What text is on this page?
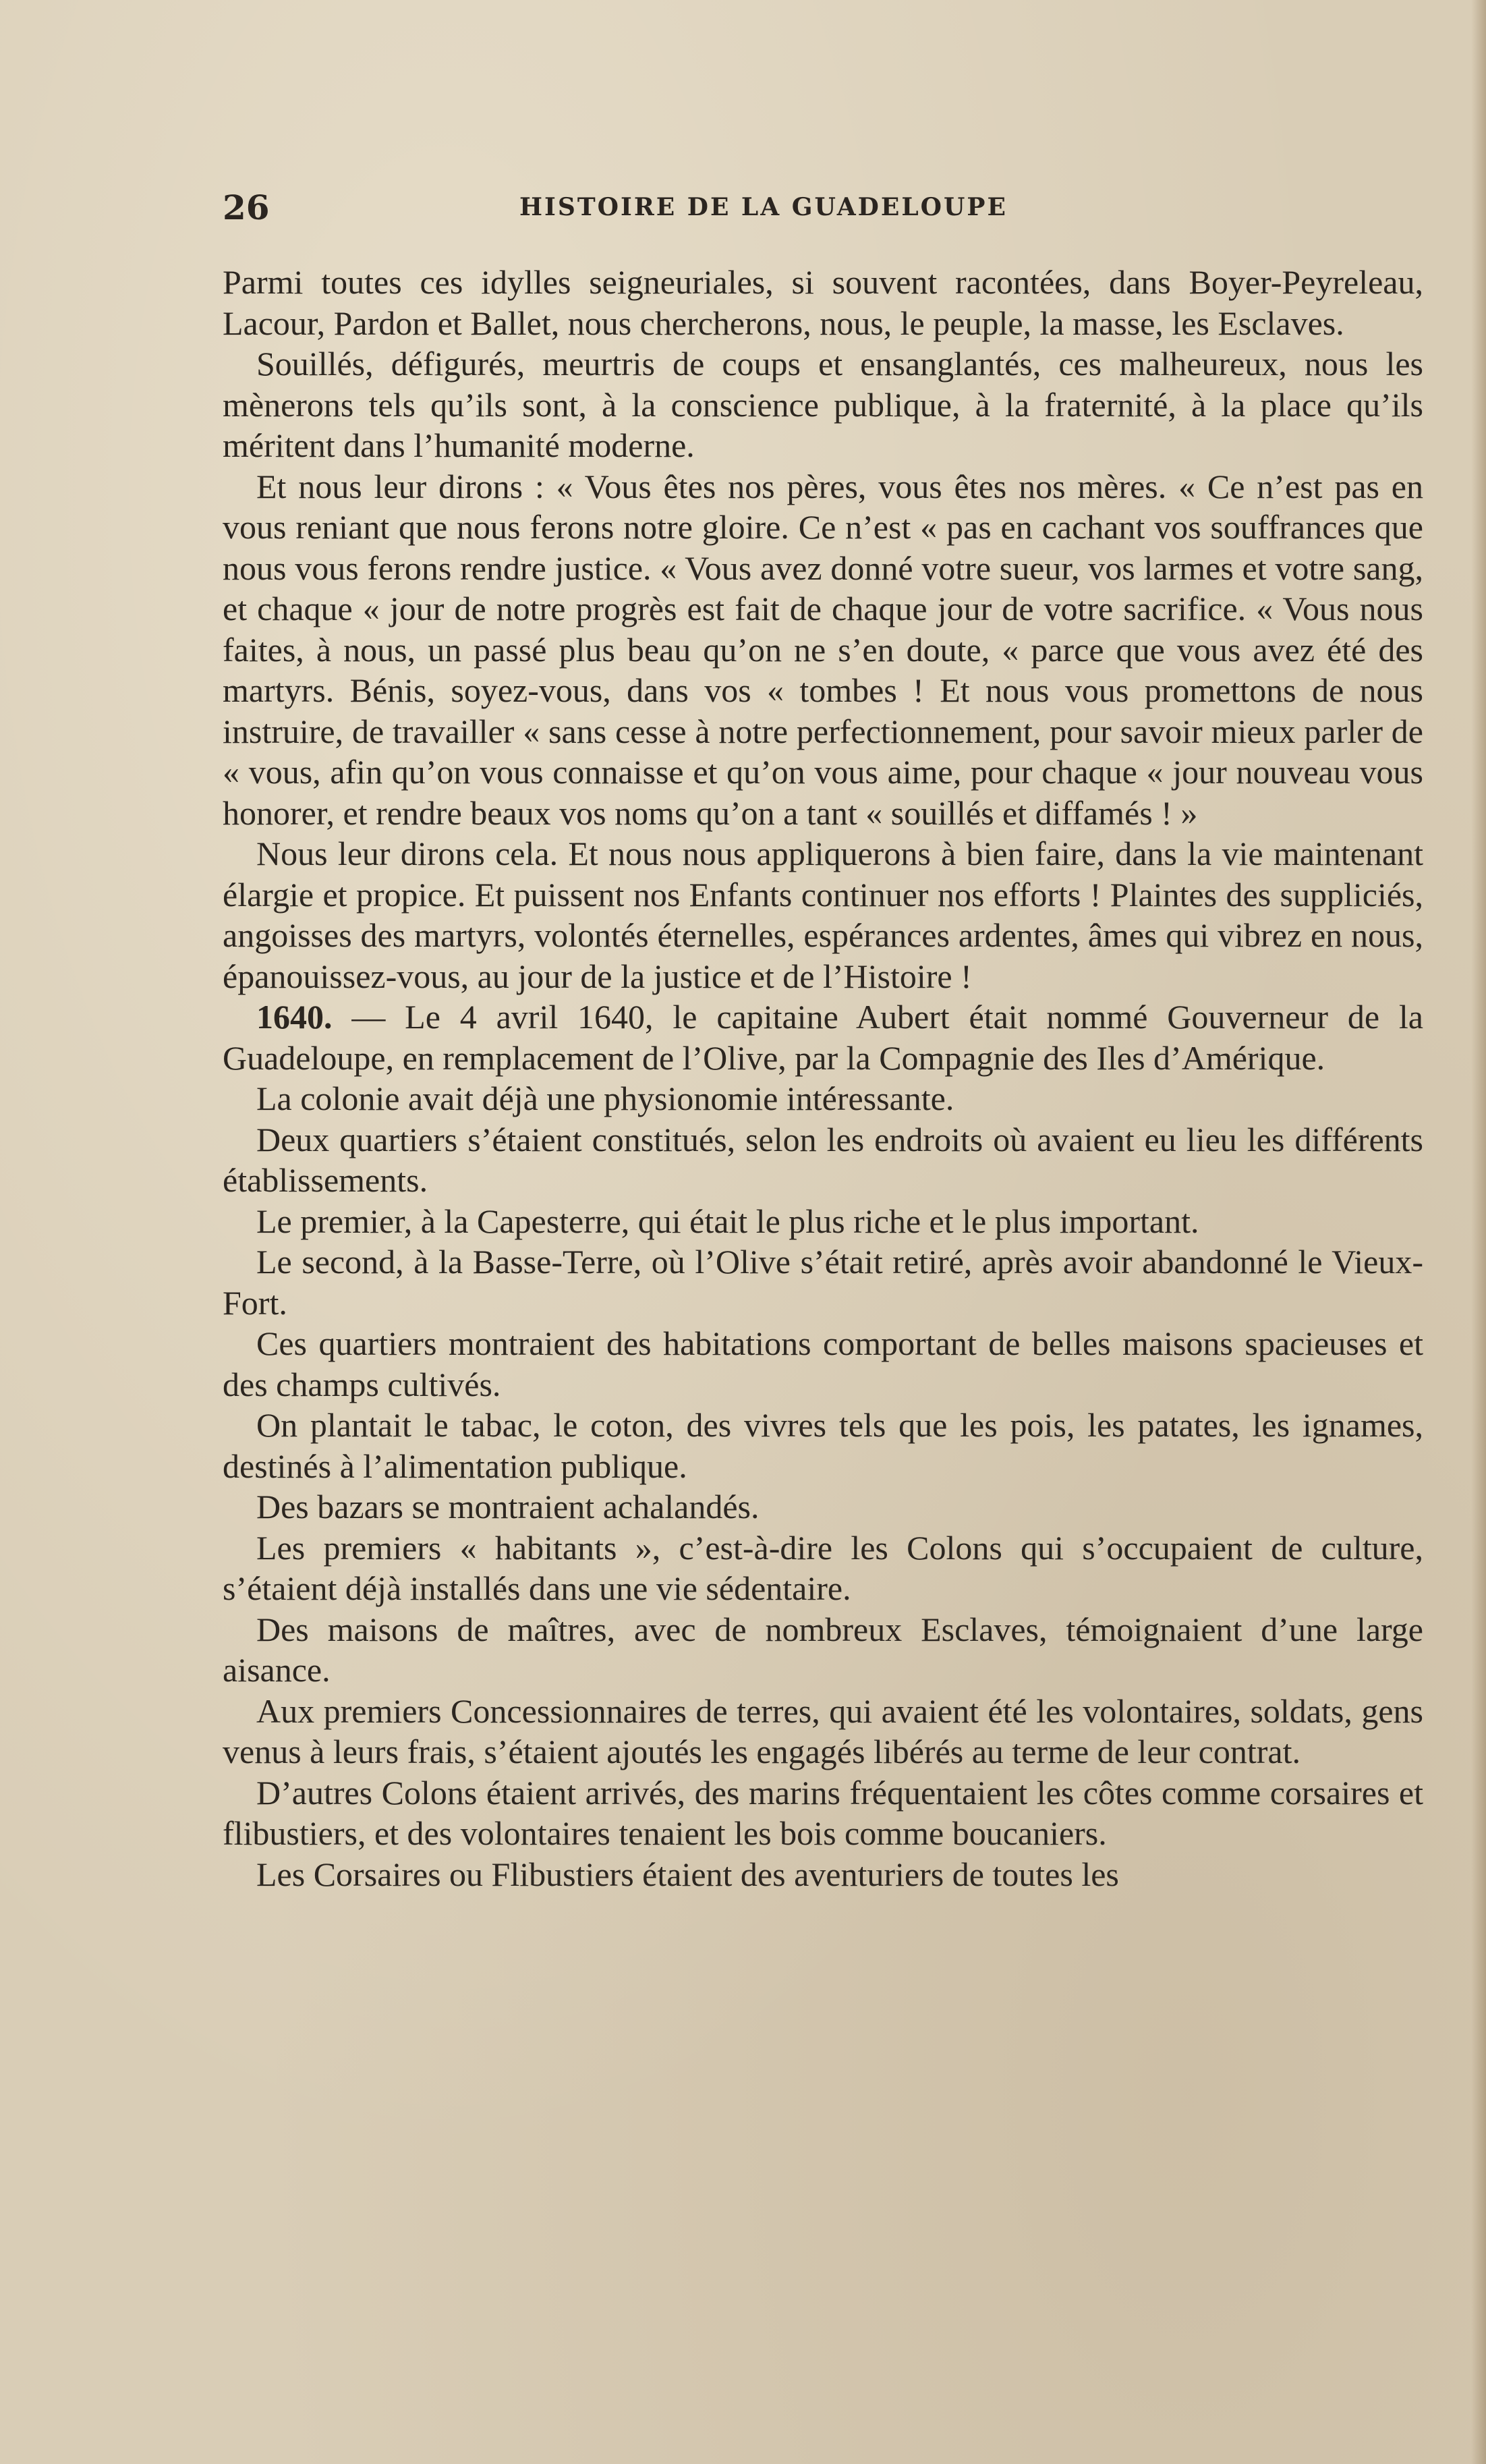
26	HISTOIRE DE LA GUADELOUPE

Parmi toutes ces idylles seigneuriales, si souvent racontées, dans Boyer-Peyreleau, Lacour, Pardon et Ballet, nous chercherons, nous, le peuple, la masse, les Esclaves.

Souillés, défigurés, meurtris de coups et ensanglantés, ces malheureux, nous les mènerons tels qu’ils sont, à la conscience publique, à la fraternité, à la place qu’ils méritent dans l’humanité moderne.

Et nous leur dirons : « Vous êtes nos pères, vous êtes nos mères. « Ce n’est pas en vous reniant que nous ferons notre gloire. Ce n’est « pas en cachant vos souffrances que nous vous ferons rendre justice. « Vous avez donné votre sueur, vos larmes et votre sang, et chaque « jour de notre progrès est fait de chaque jour de votre sacrifice. « Vous nous faites, à nous, un passé plus beau qu’on ne s’en doute, « parce que vous avez été des martyrs. Bénis, soyez-vous, dans vos « tombes ! Et nous vous promettons de nous instruire, de travailler « sans cesse à notre perfectionnement, pour savoir mieux parler de « vous, afin qu’on vous connaisse et qu’on vous aime, pour chaque « jour nouveau vous honorer, et rendre beaux vos noms qu’on a tant « souillés et diffamés ! »

Nous leur dirons cela. Et nous nous appliquerons à bien faire, dans la vie maintenant élargie et propice. Et puissent nos Enfants continuer nos efforts ! Plaintes des suppliciés, angoisses des martyrs, volontés éternelles, espérances ardentes, âmes qui vibrez en nous, épanouissez-vous, au jour de la justice et de l’Histoire !

1640. — Le 4 avril 1640, le capitaine Aubert était nommé Gouverneur de la Guadeloupe, en remplacement de l’Olive, par la Compagnie des Iles d’Amérique.

La colonie avait déjà une physionomie intéressante.

Deux quartiers s’étaient constitués, selon les endroits où avaient eu lieu les différents établissements.

Le premier, à la Capesterre, qui était le plus riche et le plus important.

Le second, à la Basse-Terre, où l’Olive s’était retiré, après avoir abandonné le Vieux-Fort.

Ces quartiers montraient des habitations comportant de belles maisons spacieuses et des champs cultivés.

On plantait le tabac, le coton, des vivres tels que les pois, les patates, les ignames, destinés à l’alimentation publique.

Des bazars se montraient achalandés.

Les premiers « habitants », c’est-à-dire les Colons qui s’occupaient de culture, s’étaient déjà installés dans une vie sédentaire.

Des maisons de maîtres, avec de nombreux Esclaves, témoignaient d’une large aisance.

Aux premiers Concessionnaires de terres, qui avaient été les volontaires, soldats, gens venus à leurs frais, s’étaient ajoutés les engagés libérés au terme de leur contrat.

D’autres Colons étaient arrivés, des marins fréquentaient les côtes comme corsaires et flibustiers, et des volontaires tenaient les bois comme boucaniers.

Les Corsaires ou Flibustiers étaient des aventuriers de toutes les
